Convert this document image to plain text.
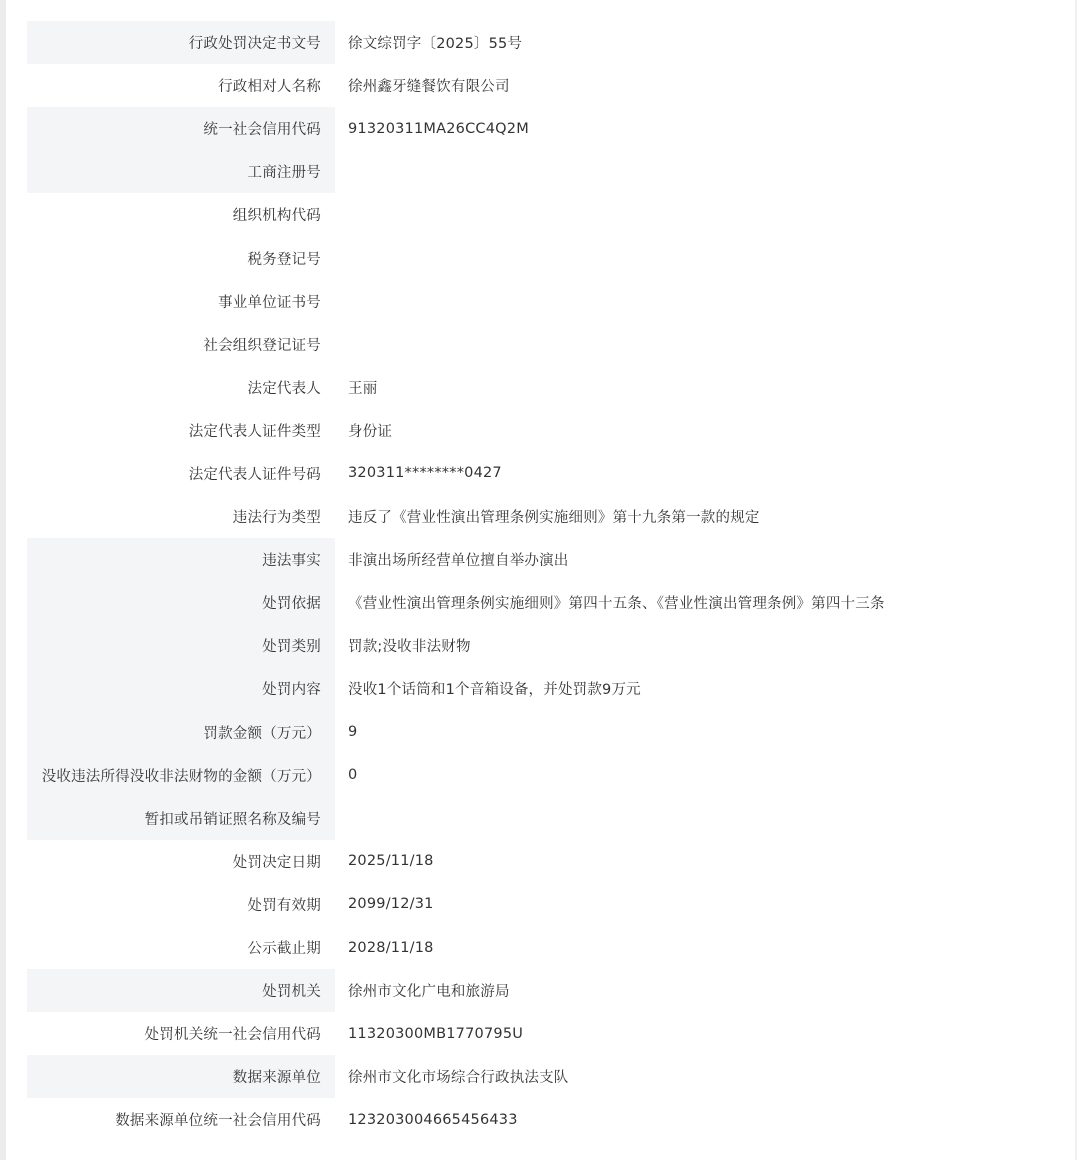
行政处罚决定书文号	徐文综罚字〔2025〕55号
行政相对人名称	徐州鑫牙缝餐饮有限公司
统一社会信用代码	91320311MA26CC4Q2M
工商注册号
组织机构代码
税务登记号
事业单位证书号
社会组织登记证号
法定代表人	王丽
法定代表人证件类型	身份证
法定代表人证件号码	320311********0427
违法行为类型	违反了《营业性演出管理条例实施细则》第十九条第一款的规定
违法事实	非演出场所经营单位擅自举办演出
处罚依据	《营业性演出管理条例实施细则》第四十五条、《营业性演出管理条例》第四十三条
处罚类别	罚款;没收非法财物
处罚内容	没收1个话筒和1个音箱设备，并处罚款9万元
罚款金额（万元）	9
没收违法所得没收非法财物的金额（万元）	0
暂扣或吊销证照名称及编号
处罚决定日期	2025/11/18
处罚有效期	2099/12/31
公示截止期	2028/11/18
处罚机关	徐州市文化广电和旅游局
处罚机关统一社会信用代码	11320300MB1770795U
数据来源单位	徐州市文化市场综合行政执法支队
数据来源单位统一社会信用代码	123203004665456433
